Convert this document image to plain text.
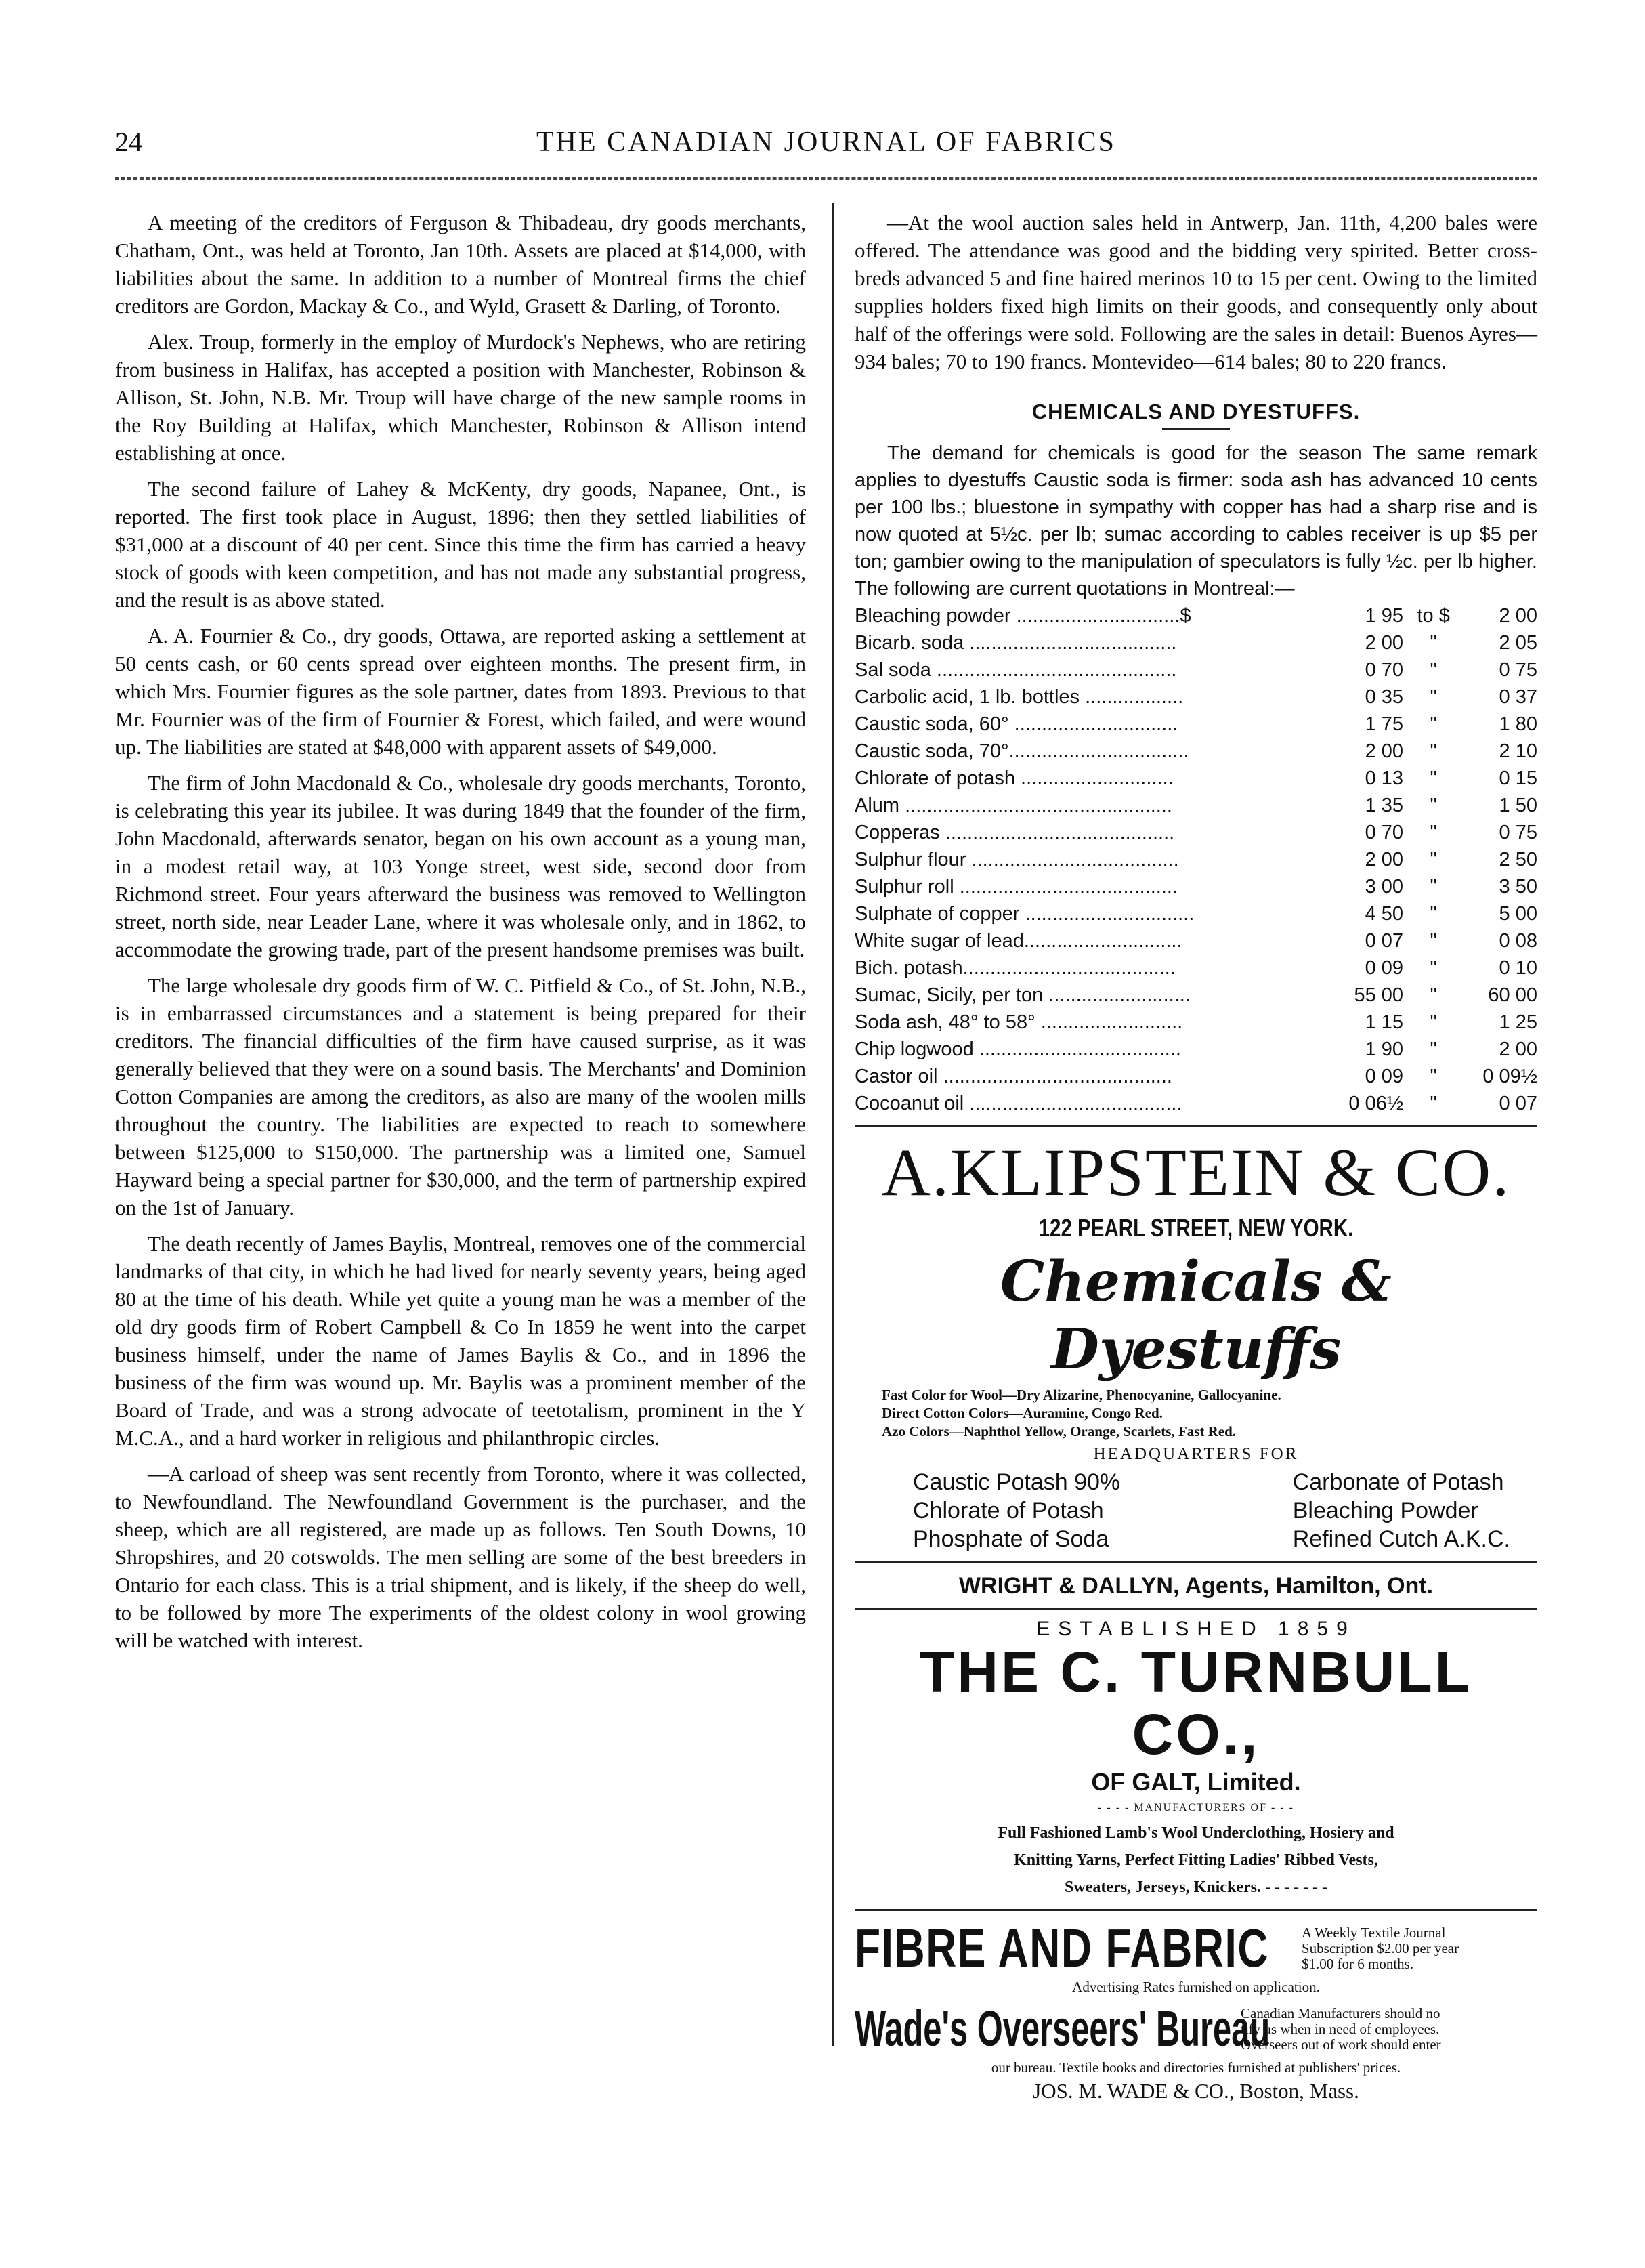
24	THE CANADIAN JOURNAL OF FABRICS

A meeting of the creditors of Ferguson & Thibadeau, dry goods merchants, Chatham, Ont., was held at Toronto, Jan 10th. Assets are placed at $14,000, with liabilities about the same. In addition to a number of Montreal firms the chief creditors are Gordon, Mackay & Co., and Wyld, Grasett & Darling, of Toronto.

Alex. Troup, formerly in the employ of Murdock's Nephews, who are retiring from business in Halifax, has accepted a position with Manchester, Robinson & Allison, St. John, N.B. Mr. Troup will have charge of the new sample rooms in the Roy Building at Halifax, which Manchester, Robinson & Allison intend establishing at once.

The second failure of Lahey & McKenty, dry goods, Napanee, Ont., is reported. The first took place in August, 1896; then they settled liabilities of $31,000 at a discount of 40 per cent. Since this time the firm has carried a heavy stock of goods with keen competition, and has not made any substantial progress, and the result is as above stated.

A. A. Fournier & Co., dry goods, Ottawa, are reported asking a settlement at 50 cents cash, or 60 cents spread over eighteen months. The present firm, in which Mrs. Fournier figures as the sole partner, dates from 1893. Previous to that Mr. Fournier was of the firm of Fournier & Forest, which failed, and were wound up. The liabilities are stated at $48,000 with apparent assets of $49,000.

The firm of John Macdonald & Co., wholesale dry goods merchants, Toronto, is celebrating this year its jubilee. It was during 1849 that the founder of the firm, John Macdonald, afterwards senator, began on his own account as a young man, in a modest retail way, at 103 Yonge street, west side, second door from Richmond street. Four years afterward the business was removed to Wellington street, north side, near Leader Lane, where it was wholesale only, and in 1862, to accommodate the growing trade, part of the present handsome premises was built.

The large wholesale dry goods firm of W. C. Pitfield & Co., of St. John, N.B., is in embarrassed circumstances and a statement is being prepared for their creditors. The financial difficulties of the firm have caused surprise, as it was generally believed that they were on a sound basis. The Merchants' and Dominion Cotton Companies are among the creditors, as also are many of the woolen mills throughout the country. The liabilities are expected to reach to somewhere between $125,000 to $150,000. The partnership was a limited one, Samuel Hayward being a special partner for $30,000, and the term of partnership expired on the 1st of January.

The death recently of James Baylis, Montreal, removes one of the commercial landmarks of that city, in which he had lived for nearly seventy years, being aged 80 at the time of his death. While yet quite a young man he was a member of the old dry goods firm of Robert Campbell & Co In 1859 he went into the carpet business himself, under the name of James Baylis & Co., and in 1896 the business of the firm was wound up. Mr. Baylis was a prominent member of the Board of Trade, and was a strong advocate of teetotalism, prominent in the Y M.C.A., and a hard worker in religious and philanthropic circles.

—A carload of sheep was sent recently from Toronto, where it was collected, to Newfoundland. The Newfoundland Government is the purchaser, and the sheep, which are all registered, are made up as follows. Ten South Downs, 10 Shropshires, and 20 cotswolds. The men selling are some of the best breeders in Ontario for each class. This is a trial shipment, and is likely, if the sheep do well, to be followed by more The experiments of the oldest colony in wool growing will be watched with interest.

—At the wool auction sales held in Antwerp, Jan. 11th, 4,200 bales were offered. The attendance was good and the bidding very spirited. Better cross-breds advanced 5 and fine haired merinos 10 to 15 per cent. Owing to the limited supplies holders fixed high limits on their goods, and consequently only about half of the offerings were sold. Following are the sales in detail: Buenos Ayres—934 bales; 70 to 190 francs. Montevideo—614 bales; 80 to 220 francs.

CHEMICALS AND DYESTUFFS.

The demand for chemicals is good for the season The same remark applies to dyestuffs Caustic soda is firmer: soda ash has advanced 10 cents per 100 lbs.; bluestone in sympathy with copper has had a sharp rise and is now quoted at 5½c. per lb; sumac according to cables receiver is up $5 per ton; gambier owing to the manipulation of speculators is fully ½c. per lb higher. The following are current quotations in Montreal:—

Bleaching powder ..............................$	1 95	to $	2 00
Bicarb. soda ......................................	2 00	"	2 05
Sal soda ............................................	0 70	"	0 75
Carbolic acid, 1 lb. bottles ..................	0 35	"	0 37
Caustic soda, 60° ..............................	1 75	"	1 80
Caustic soda, 70°.................................	2 00	"	2 10
Chlorate of potash ............................	0 13	"	0 15
Alum .................................................	1 35	"	1 50
Copperas ..........................................	0 70	"	0 75
Sulphur flour ......................................	2 00	"	2 50
Sulphur roll ........................................	3 00	"	3 50
Sulphate of copper ...............................	4 50	"	5 00
White sugar of lead.............................	0 07	"	0 08
Bich. potash.......................................	0 09	"	0 10
Sumac, Sicily, per ton ..........................	55 00	"	60 00
Soda ash, 48° to 58° ..........................	1 15	"	1 25
Chip logwood .....................................	1 90	"	2 00
Castor oil ..........................................	0 09	"	0 09½
Cocoanut oil .......................................	0 06½	"	0 07
A.KLIPSTEIN & CO.
122 PEARL STREET, NEW YORK.
Chemicals & Dyestuffs
Fast Color for Wool—Dry Alizarine, Phenocyanine, Gallocyanine.
Direct Cotton Colors—Auramine, Congo Red.
Azo Colors—Naphthol Yellow, Orange, Scarlets, Fast Red.
HEADQUARTERS FOR
Caustic Potash 90%
Chlorate of Potash
Phosphate of Soda
Carbonate of Potash
Bleaching Powder
Refined Cutch A.K.C.
WRIGHT & DALLYN, Agents, Hamilton, Ont.
ESTABLISHED 1859
THE C. TURNBULL CO.,
OF GALT, Limited.
- - - - MANUFACTURERS OF - - -
Full Fashioned Lamb's Wool Underclothing, Hosiery and
Knitting Yarns, Perfect Fitting Ladies' Ribbed Vests,
Sweaters, Jerseys, Knickers. - - - - - - -
FIBRE AND FABRIC A Weekly Textile Journal
Subscription $2.00 per year
$1.00 for 6 months.
Advertising Rates furnished on application.
Wade's Overseers' Bureau
Canadian Manufacturers should no
tify us when in need of employees.
Overseers out of work should enter
our bureau. Textile books and directories furnished at publishers' prices.
JOS. M. WADE & CO., Boston, Mass.
